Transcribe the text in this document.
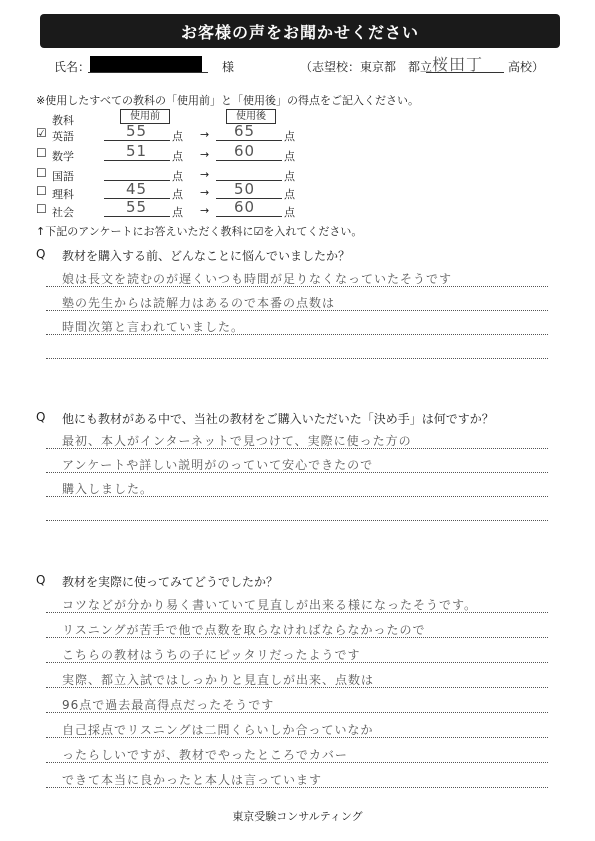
お客様の声をお聞かせください
氏名：	様	（志望校：東京都　都立 桜田丁 高校）
※使用したすべての教科の「使用前」と「使用後」の得点をご記入ください。
教科	使用前	使用後
☑ 英語	55 点 → 65	点
☐ 数学	51 点 → 60	点
☐ 国語	点 →	点
☐ 理科	45 点 → 50	点
☐ 社会	55 点 → 60	点
↑下記のアンケートにお答えいただく教科に☑を入れてください。
Q 教材を購入する前、どんなことに悩んでいましたか？
娘は長文を読むのが遅くいつも時間が足りなくなっていたそうです
塾の先生からは読解力はあるので本番の点数は
時間次第と言われていました。
Q 他にも教材がある中で、当社の教材をご購入いただいた「決め手」は何ですか？
最初、本人がインターネットで見つけて、実際に使った方の
アンケートや詳しい説明がのっていて安心できたので
購入しました。
Q 教材を実際に使ってみてどうでしたか？
コツなどが分かり易く書いていて見直しが出来る様になったそうです。
リスニングが苦手で他で点数を取らなければならなかったので
こちらの教材はうちの子にピッタリだったようです
実際、都立入試ではしっかりと見直しが出来、点数は
96点で過去最高得点だったそうです
自己採点でリスニングは二問くらいしか合っていなか
ったらしいですが、教材でやったところでカバー
できて本当に良かったと本人は言っています
東京受験コンサルティング
